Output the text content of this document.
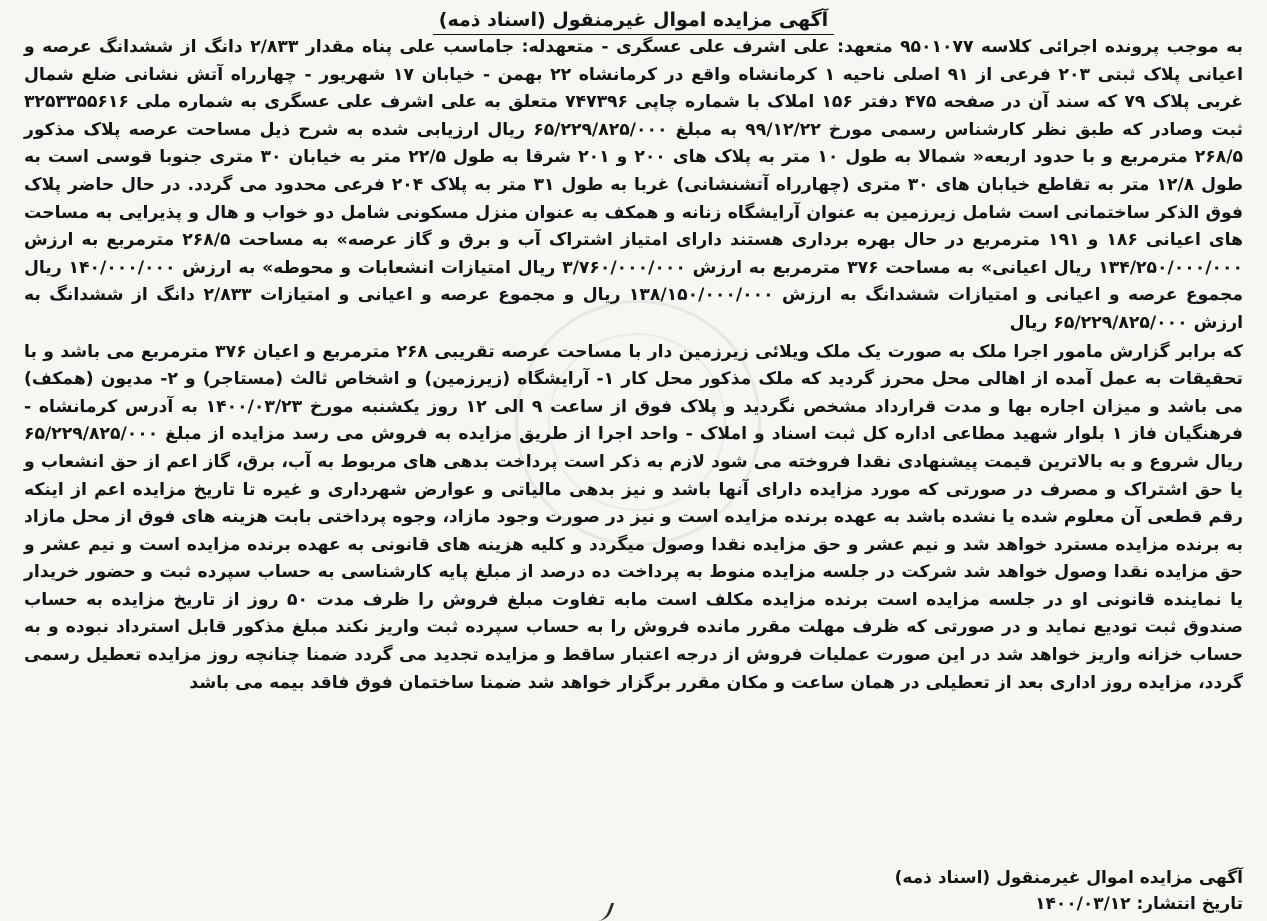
آگهی مزایده اموال غیرمنقول (اسناد ذمه)

به موجب پرونده اجرائی کلاسه ۹۵۰۱۰۷۷ متعهد: علی اشرف علی عسگری - متعهدله: جاماسب علی پناه مقدار ۲/۸۳۳ دانگ از ششدانگ عرصه و اعیانی پلاک ثبتی ۲۰۳ فرعی از ۹۱ اصلی ناحیه ۱ کرمانشاه واقع در کرمانشاه ۲۲ بهمن - خیابان ۱۷ شهریور - چهارراه آتش نشانی ضلع شمال غربی پلاک ۷۹ که سند آن در صفحه ۴۷۵ دفتر ۱۵۶ املاک با شماره چاپی ۷۴۷۳۹۶ متعلق به علی اشرف علی عسگری به شماره ملی ۳۲۵۳۳۵۵۶۱۶ ثبت وصادر که طبق نظر کارشناس رسمی مورخ ۹۹/۱۲/۲۲ به مبلغ ۶۵/۲۲۹/۸۲۵/۰۰۰ ریال ارزیابی شده به شرح ذیل مساحت عرصه پلاک مذکور ۲۶۸/۵ مترمربع و با حدود اربعه« شمالا به طول ۱۰ متر به پلاک های ۲۰۰ و ۲۰۱ شرقا به طول ۲۲/۵ متر به خیابان ۳۰ متری جنوبا قوسی است به طول ۱۲/۸ متر به تقاطع خیابان های ۳۰ متری (چهارراه آتشنشانی) غربا به طول ۳۱ متر به پلاک ۲۰۴ فرعی محدود می گردد. در حال حاضر پلاک فوق الذکر ساختمانی است شامل زیرزمین به عنوان آرایشگاه زنانه و همکف به عنوان منزل مسکونی شامل دو خواب و هال و پذیرایی به مساحت های اعیانی ۱۸۶ و ۱۹۱ مترمربع در حال بهره برداری هستند دارای امتیاز اشتراک آب و برق و گاز عرصه» به مساحت ۲۶۸/۵ مترمربع به ارزش ۱۳۴/۲۵۰/۰۰۰/۰۰۰ ریال اعیانی» به مساحت ۳۷۶ مترمربع به ارزش ۳/۷۶۰/۰۰۰/۰۰۰ ریال امتیازات انشعابات و محوطه» به ارزش ۱۴۰/۰۰۰/۰۰۰ ریال مجموع عرصه و اعیانی و امتیازات ششدانگ به ارزش ۱۳۸/۱۵۰/۰۰۰/۰۰۰ ریال و مجموع عرصه و اعیانی و امتیازات ۲/۸۳۳ دانگ از ششدانگ به ارزش ۶۵/۲۲۹/۸۲۵/۰۰۰ ریال

که برابر گزارش مامور اجرا ملک به صورت یک ملک ویلائی زیرزمین دار با مساحت عرصه تقریبی ۲۶۸ مترمربع و اعیان ۳۷۶ مترمربع می باشد و با تحقیقات به عمل آمده از اهالی محل محرز گردید که ملک مذکور محل کار ۱- آرایشگاه (زیرزمین) و اشخاص ثالث (مستاجر) و ۲- مدیون (همکف) می باشد و میزان اجاره بها و مدت قرارداد مشخص نگردید و پلاک فوق از ساعت ۹ الی ۱۲ روز یکشنبه مورخ ۱۴۰۰/۰۳/۲۳ به آدرس کرمانشاه - فرهنگیان فاز ۱ بلوار شهید مطاعی اداره کل ثبت اسناد و املاک - واحد اجرا از طریق مزایده به فروش می رسد مزایده از مبلغ ۶۵/۲۲۹/۸۲۵/۰۰۰ ریال شروع و به بالاترین قیمت پیشنهادی نقدا فروخته می شود لازم به ذکر است پرداخت بدهی های مربوط به آب، برق، گاز اعم از حق انشعاب و یا حق اشتراک و مصرف در صورتی که مورد مزایده دارای آنها باشد و نیز بدهی مالیاتی و عوارض شهرداری و غیره تا تاریخ مزایده اعم از اینکه رقم قطعی آن معلوم شده یا نشده باشد به عهده برنده مزایده است و نیز در صورت وجود مازاد، وجوه پرداختی بابت هزینه های فوق از محل مازاد به برنده مزایده مسترد خواهد شد و نیم عشر و حق مزایده نقدا وصول میگردد و کلیه هزینه های قانونی به عهده برنده مزایده است و نیم عشر و حق مزایده نقدا وصول خواهد شد شرکت در جلسه مزایده منوط به پرداخت ده درصد از مبلغ پایه کارشناسی به حساب سپرده ثبت و حضور خریدار یا نماینده قانونی او در جلسه مزایده است برنده مزایده مکلف است مابه تفاوت مبلغ فروش را ظرف مدت ۵۰ روز از تاریخ مزایده به حساب صندوق ثبت تودیع نماید و در صورتی که ظرف مهلت مقرر مانده فروش را به حساب سپرده ثبت واریز نکند مبلغ مذکور قابل استرداد نبوده و به حساب خزانه واریز خواهد شد در این صورت عملیات فروش از درجه اعتبار ساقط و مزایده تجدید می گردد ضمنا چنانچه روز مزایده تعطیل رسمی گردد، مزایده روز اداری بعد از تعطیلی در همان ساعت و مکان مقرر برگزار خواهد شد ضمنا ساختمان فوق فاقد بیمه می باشد

آگهی مزایده اموال غیرمنقول (اسناد ذمه)
تاریخ انتشار: ۱۴۰۰/۰۳/۱۲
